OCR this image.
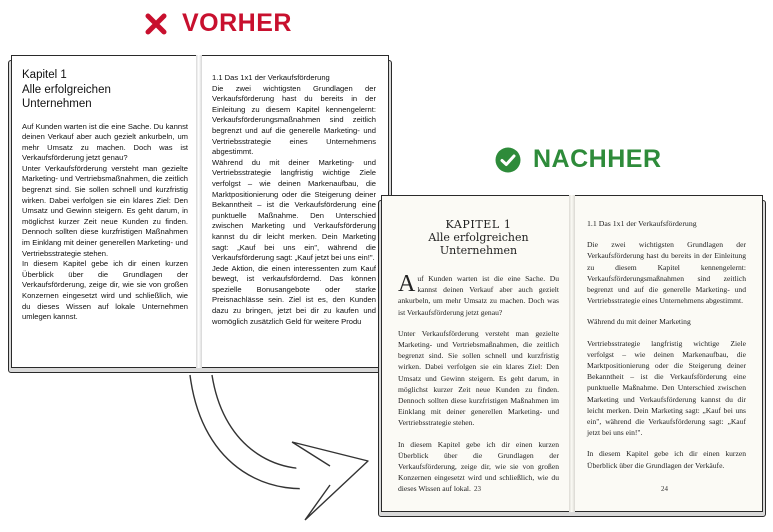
VORHER
NACHHER
Kapitel 1
Alle erfolgreichen
Unternehmen

Auf Kunden warten ist die eine Sache. Du kannst deinen Verkauf aber auch gezielt ankurbeln, um mehr Umsatz zu machen. Doch was ist Verkaufsförderung jetzt genau?

Unter Verkaufsförderung versteht man gezielte Marketing- und Vertriebsmaßnahmen, die zeitlich begrenzt sind. Sie sollen schnell und kurzfristig wirken. Dabei verfolgen sie ein klares Ziel: Den Umsatz und Gewinn steigern. Es geht darum, in möglichst kurzer Zeit neue Kunden zu finden. Dennoch sollten diese kurzfristigen Maßnahmen im Einklang mit deiner generellen Marketing- und Vertriebsstrategie stehen.

In diesem Kapitel gebe ich dir einen kurzen Überblick über die Grundlagen der Verkaufsförderung, zeige dir, wie sie von großen Konzernen eingesetzt wird und schließlich, wie du dieses Wissen auf lokale Unternehmen umlegen kannst.

1.1 Das 1x1 der Verkaufsförderung

Die zwei wichtigsten Grundlagen der Verkaufsförderung hast du bereits in der Einleitung zu diesem Kapitel kennengelernt: Verkaufsförderungsmaßnahmen sind zeitlich begrenzt und auf die generelle Marketing- und Vertriebsstrategie eines Unternehmens abgestimmt.

Während du mit deiner Marketing- und Vertriebsstrategie langfristig wichtige Ziele verfolgst – wie deinen Markenaufbau, die Marktpositionierung oder die Steigerung deiner Bekanntheit – ist die Verkaufsförderung eine punktuelle Maßnahme. Den Unterschied zwischen Marketing und Verkaufsförderung kannst du dir leicht merken. Dein Marketing sagt: „Kauf bei uns ein", während die Verkaufsförderung sagt: „Kauf jetzt bei uns ein!".

Jede Aktion, die einen interessenten zum Kauf bewegt, ist verkaufsfördernd. Das können spezielle Bonusangebote oder starke Preisnachlässe sein. Ziel ist es, den Kunden dazu zu bringen, jetzt bei dir zu kaufen und womöglich zusätzlich Geld für weitere Produ

KAPITEL 1
Alle erfolgreichen
Unternehmen

Auf Kunden warten ist die eine Sache. Du kannst deinen Verkauf aber auch gezielt ankurbeln, um mehr Umsatz zu machen. Doch was ist Verkaufsförderung jetzt genau?

Unter Verkaufsförderung versteht man gezielte Marketing- und Vertriebsmaßnahmen, die zeitlich begrenzt sind. Sie sollen schnell und kurzfristig wirken. Dabei verfolgen sie ein klares Ziel: Den Umsatz und Gewinn steigern. Es geht darum, in möglichst kurzer Zeit neue Kunden zu finden. Dennoch sollten diese kurzfristigen Maßnahmen im Einklang mit deiner generellen Marketing- und Vertriebsstrategie stehen.

In diesem Kapitel gebe ich dir einen kurzen Überblick über die Grundlagen der Verkaufsförderung, zeige dir, wie sie von großen Konzernen eingesetzt wird und schließlich, wie du dieses Wissen auf lokal. 23

1.1 Das 1x1 der Verkaufsförderung

Die zwei wichtigsten Grundlagen der Verkaufsförderung hast du bereits in der Einleitung zu diesem Kapitel kennengelernt: Verkaufsförderungsmaßnahmen sind zeitlich begrenzt und auf die generelle Marketing- und Vertriebsstrategie eines Unternehmens abgestimmt.

Während du mit deiner Marketing

Vertriebsstrategie langfristig wichtige Ziele verfolgst – wie deinen Markenaufbau, die Marktpositionierung oder die Steigerung deiner Bekanntheit – ist die Verkaufsförderung eine punktuelle Maßnahme. Den Unterschied zwischen Marketing und Verkaufsförderung kannst du dir leicht merken. Dein Marketing sagt: „Kauf bei uns ein", während die Verkaufsförderung sagt: „Kauf jetzt bei uns ein!".

In diesem Kapitel gebe ich dir einen kurzen Überblick über die Grundlagen der Verkäufe.

24
